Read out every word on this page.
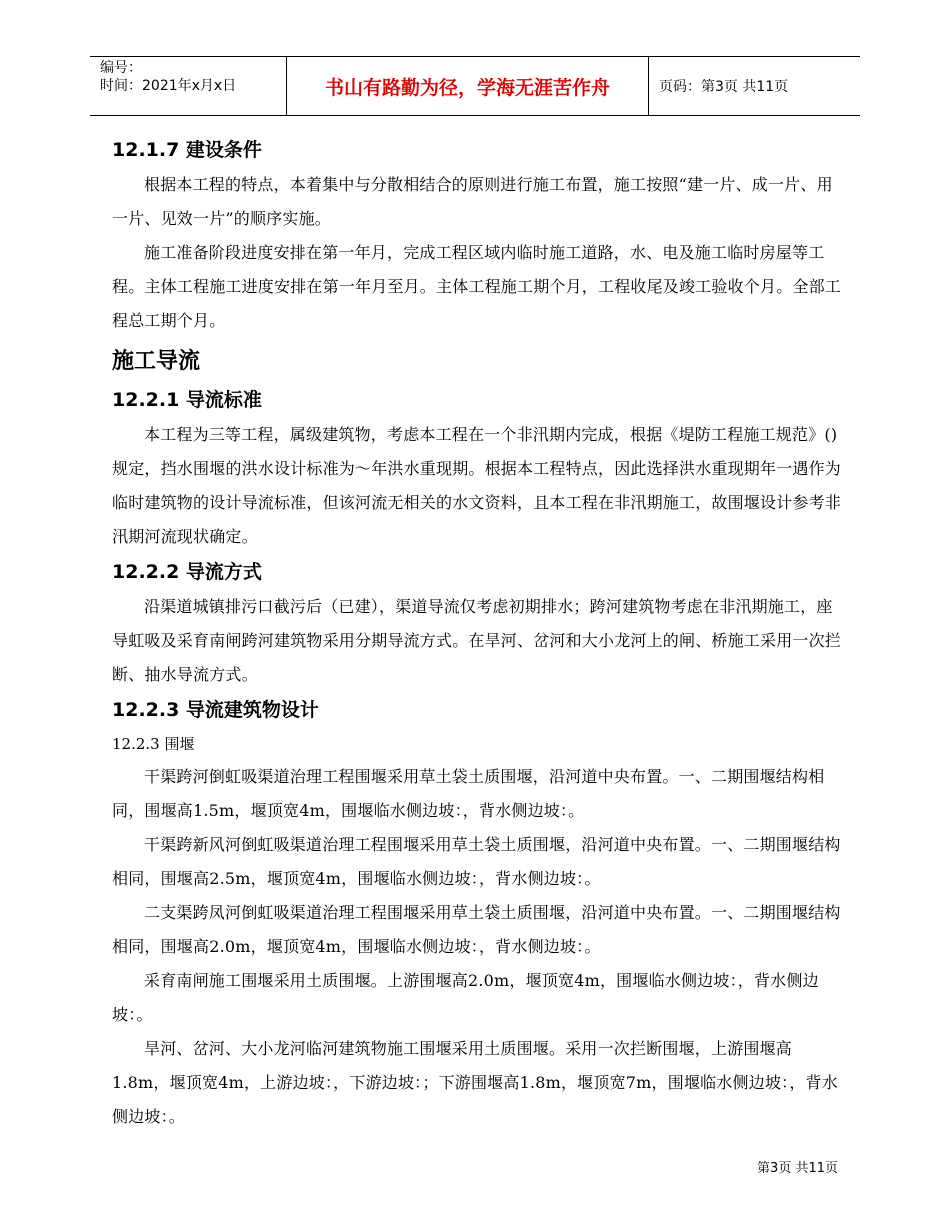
编号：
时间：2021年x月x日	书山有路勤为径，学海无涯苦作舟	页码：第3页 共11页
12.1.7 建设条件

根据本工程的特点，本着集中与分散相结合的原则进行施工布置，施工按照“建一片、成一片、用一片、见效一片”的顺序实施。

施工准备阶段进度安排在第一年月，完成工程区域内临时施工道路，水、电及施工临时房屋等工程。主体工程施工进度安排在第一年月至月。主体工程施工期个月，工程收尾及竣工验收个月。全部工程总工期个月。

施工导流
12.2.1 导流标准

本工程为三等工程，属级建筑物，考虑本工程在一个非汛期内完成，根据《堤防工程施工规范》()规定，挡水围堰的洪水设计标准为～年洪水重现期。根据本工程特点，因此选择洪水重现期年一遇作为临时建筑物的设计导流标准，但该河流无相关的水文资料，且本工程在非汛期施工，故围堰设计参考非汛期河流现状确定。

12.2.2 导流方式

沿渠道城镇排污口截污后（已建），渠道导流仅考虑初期排水；跨河建筑物考虑在非汛期施工，座导虹吸及采育南闸跨河建筑物采用分期导流方式。在旱河、岔河和大小龙河上的闸、桥施工采用一次拦断、抽水导流方式。

12.2.3 导流建筑物设计
12.2.3 围堰

干渠跨河倒虹吸渠道治理工程围堰采用草土袋土质围堰，沿河道中央布置。一、二期围堰结构相同，围堰高1.5m，堰顶宽4m，围堰临水侧边坡：，背水侧边坡：。

干渠跨新风河倒虹吸渠道治理工程围堰采用草土袋土质围堰，沿河道中央布置。一、二期围堰结构相同，围堰高2.5m，堰顶宽4m，围堰临水侧边坡：，背水侧边坡：。

二支渠跨凤河倒虹吸渠道治理工程围堰采用草土袋土质围堰，沿河道中央布置。一、二期围堰结构相同，围堰高2.0m，堰顶宽4m，围堰临水侧边坡：，背水侧边坡：。

采育南闸施工围堰采用土质围堰。上游围堰高2.0m，堰顶宽4m，围堰临水侧边坡：，背水侧边坡：。

旱河、岔河、大小龙河临河建筑物施工围堰采用土质围堰。采用一次拦断围堰，上游围堰高1.8m，堰顶宽4m，上游边坡：，下游边坡：；下游围堰高1.8m，堰顶宽7m，围堰临水侧边坡：，背水侧边坡：。

第3页 共11页
